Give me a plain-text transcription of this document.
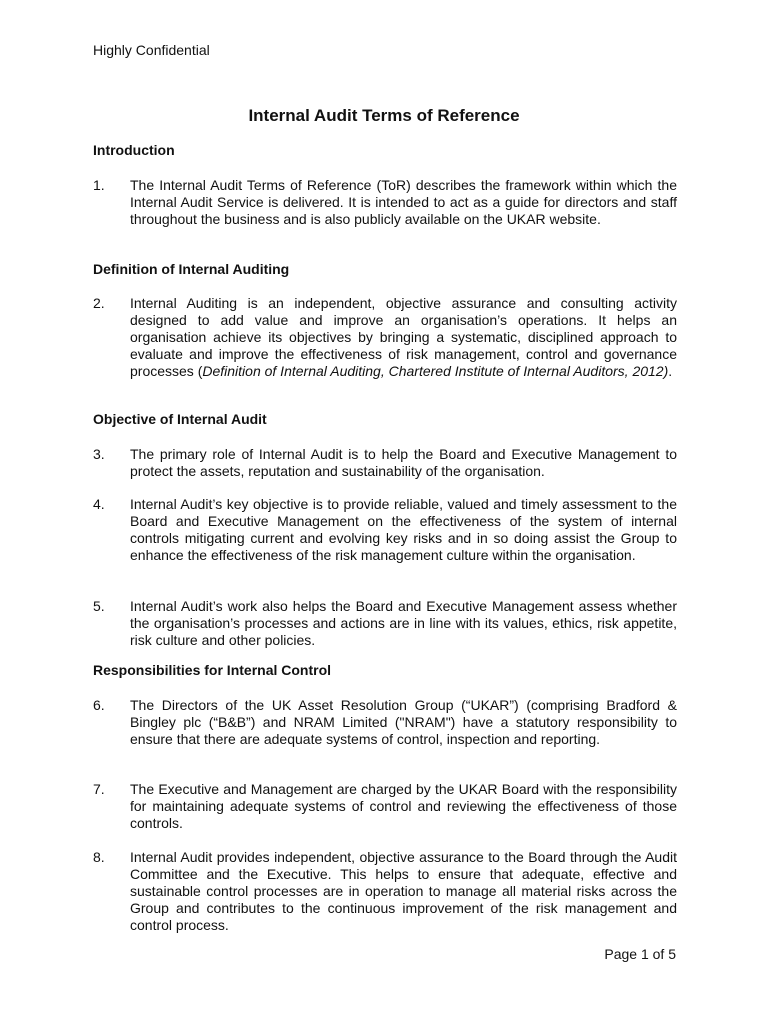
Highly Confidential
Internal Audit Terms of Reference
Introduction
1. The Internal Audit Terms of Reference (ToR) describes the framework within which the Internal Audit Service is delivered. It is intended to act as a guide for directors and staff throughout the business and is also publicly available on the UKAR website.
Definition of Internal Auditing
2. Internal Auditing is an independent, objective assurance and consulting activity designed to add value and improve an organisation’s operations. It helps an organisation achieve its objectives by bringing a systematic, disciplined approach to evaluate and improve the effectiveness of risk management, control and governance processes (Definition of Internal Auditing, Chartered Institute of Internal Auditors, 2012).
Objective of Internal Audit
3. The primary role of Internal Audit is to help the Board and Executive Management to protect the assets, reputation and sustainability of the organisation.
4. Internal Audit’s key objective is to provide reliable, valued and timely assessment to the Board and Executive Management on the effectiveness of the system of internal controls mitigating current and evolving key risks and in so doing assist the Group to enhance the effectiveness of the risk management culture within the organisation.
5. Internal Audit’s work also helps the Board and Executive Management assess whether the organisation’s processes and actions are in line with its values, ethics, risk appetite, risk culture and other policies.
Responsibilities for Internal Control
6. The Directors of the UK Asset Resolution Group (“UKAR”) (comprising Bradford & Bingley plc (“B&B”) and NRAM Limited ("NRAM") have a statutory responsibility to ensure that there are adequate systems of control, inspection and reporting.
7. The Executive and Management are charged by the UKAR Board with the responsibility for maintaining adequate systems of control and reviewing the effectiveness of those controls.
8. Internal Audit provides independent, objective assurance to the Board through the Audit Committee and the Executive. This helps to ensure that adequate, effective and sustainable control processes are in operation to manage all material risks across the Group and contributes to the continuous improvement of the risk management and control process.
Page 1 of 5
